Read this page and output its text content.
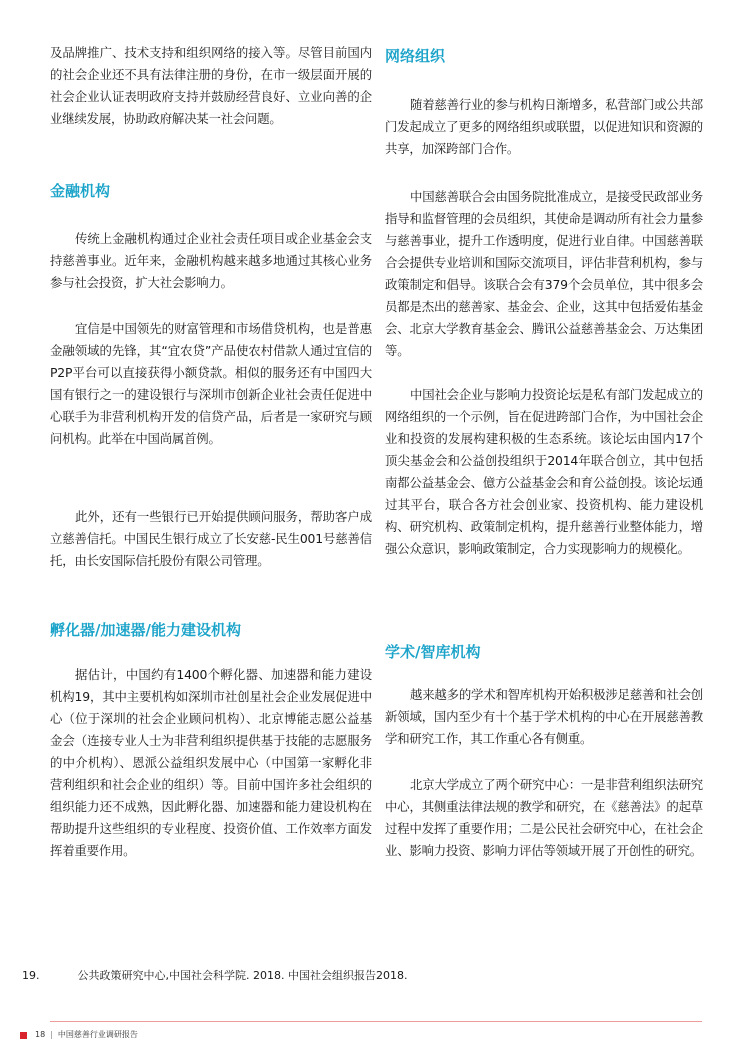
及品牌推广、技术支持和组织网络的接入等。尽管目前国内的社会企业还不具有法律注册的身份，在市一级层面开展的社会企业认证表明政府支持并鼓励经营良好、立业向善的企业继续发展，协助政府解决某一社会问题。

金融机构

传统上金融机构通过企业社会责任项目或企业基金会支持慈善事业。近年来，金融机构越来越多地通过其核心业务参与社会投资，扩大社会影响力。

宜信是中国领先的财富管理和市场借贷机构，也是普惠金融领域的先锋，其“宜农贷”产品使农村借款人通过宜信的P2P平台可以直接获得小额贷款。相似的服务还有中国四大国有银行之一的建设银行与深圳市创新企业社会责任促进中心联手为非营利机构开发的信贷产品，后者是一家研究与顾问机构。此举在中国尚属首例。

此外，还有一些银行已开始提供顾问服务，帮助客户成立慈善信托。中国民生银行成立了长安慈-民生001号慈善信托，由长安国际信托股份有限公司管理。

孵化器/加速器/能力建设机构

据估计，中国约有1400个孵化器、加速器和能力建设机构19，其中主要机构如深圳市社创星社会企业发展促进中心（位于深圳的社会企业顾问机构）、北京博能志愿公益基金会（连接专业人士为非营利组织提供基于技能的志愿服务的中介机构）、恩派公益组织发展中心（中国第一家孵化非营利组织和社会企业的组织）等。目前中国许多社会组织的组织能力还不成熟，因此孵化器、加速器和能力建设机构在帮助提升这些组织的专业程度、投资价值、工作效率方面发挥着重要作用。

网络组织

随着慈善行业的参与机构日渐增多，私营部门或公共部门发起成立了更多的网络组织或联盟，以促进知识和资源的共享，加深跨部门合作。

中国慈善联合会由国务院批准成立，是接受民政部业务指导和监督管理的会员组织，其使命是调动所有社会力量参与慈善事业，提升工作透明度，促进行业自律。中国慈善联合会提供专业培训和国际交流项目，评估非营利机构，参与政策制定和倡导。该联合会有379个会员单位，其中很多会员都是杰出的慈善家、基金会、企业，这其中包括爱佑基金会、北京大学教育基金会、腾讯公益慈善基金会、万达集团等。

中国社会企业与影响力投资论坛是私有部门发起成立的网络组织的一个示例，旨在促进跨部门合作，为中国社会企业和投资的发展构建积极的生态系统。该论坛由国内17个顶尖基金会和公益创投组织于2014年联合创立，其中包括南都公益基金会、億方公益基金会和育公益创投。该论坛通过其平台，联合各方社会创业家、投资机构、能力建设机构、研究机构、政策制定机构，提升慈善行业整体能力，增强公众意识，影响政策制定，合力实现影响力的规模化。

学术/智库机构

越来越多的学术和智库机构开始积极涉足慈善和社会创新领域，国内至少有十个基于学术机构的中心在开展慈善教学和研究工作，其工作重心各有侧重。

北京大学成立了两个研究中心：一是非营利组织法研究中心，其侧重法律法规的教学和研究，在《慈善法》的起草过程中发挥了重要作用；二是公民社会研究中心，在社会企业、影响力投资、影响力评估等领域开展了开创性的研究。

19.	公共政策研究中心,中国社会科学院. 2018. 中国社会组织报告2018.
18 | 中国慈善行业调研报告
